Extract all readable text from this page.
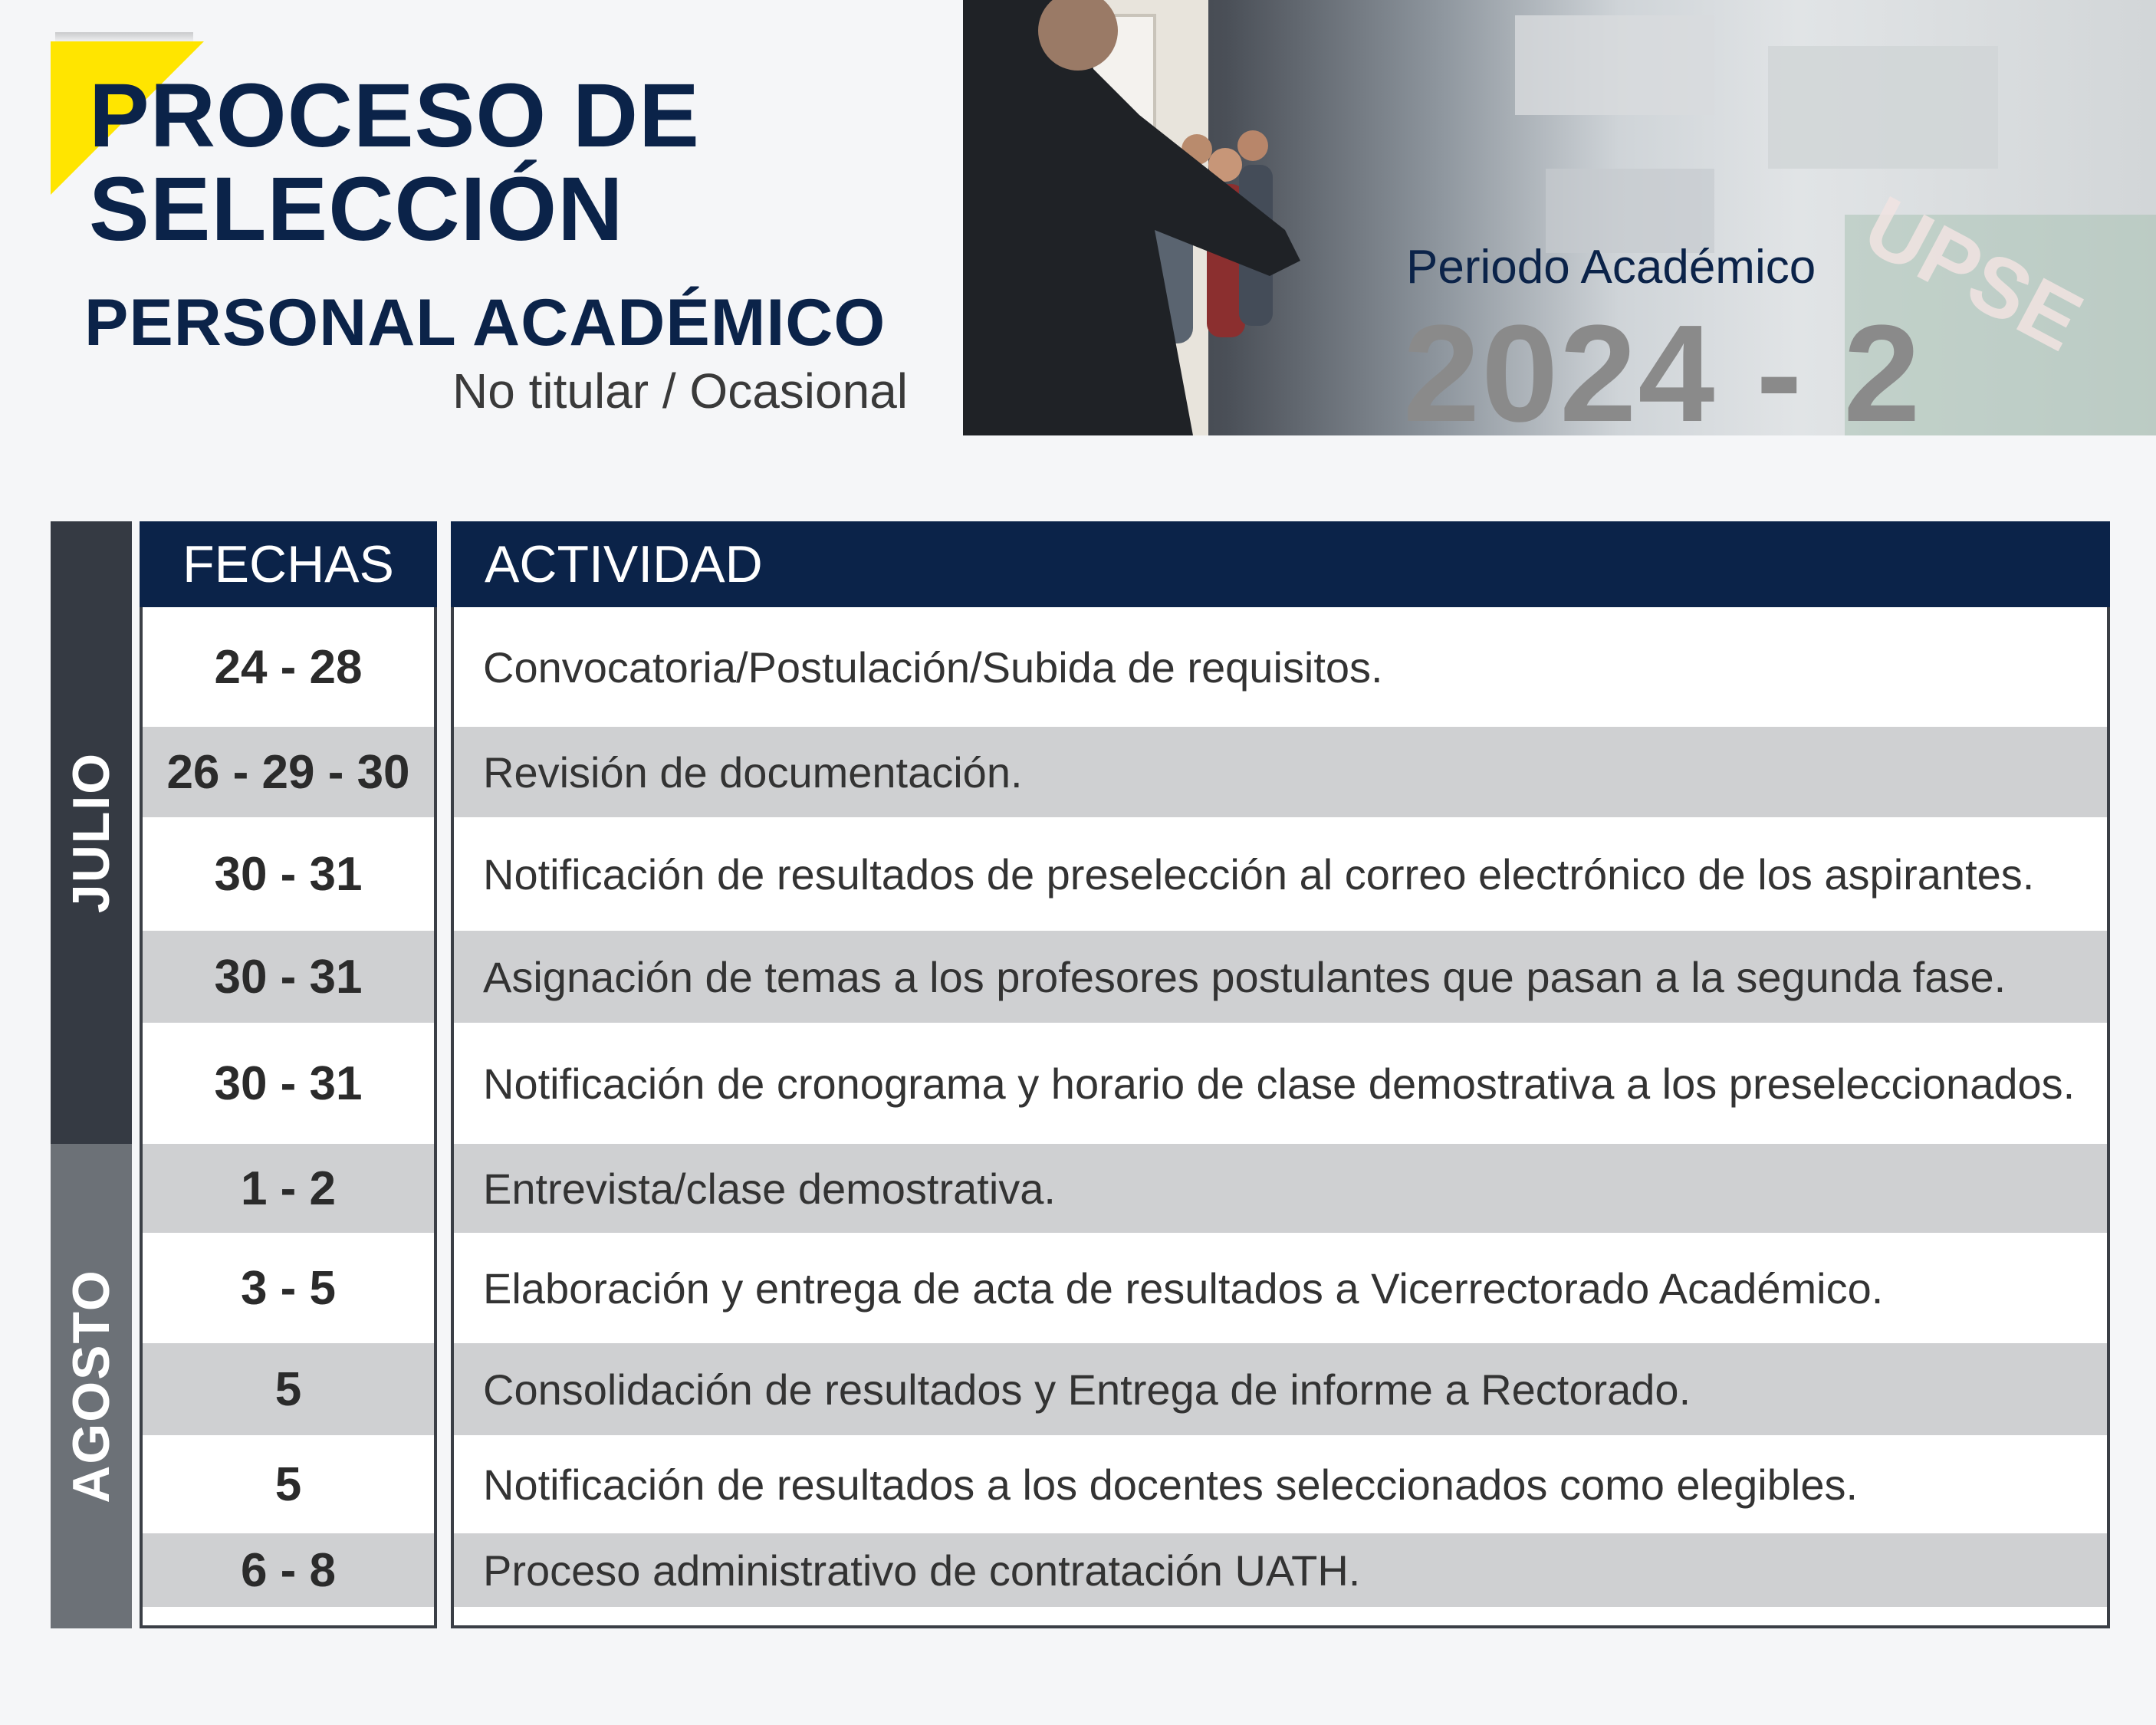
PROCESO DE
SELECCIÓN
PERSONAL ACADÉMICO
No titular / Ocasional
UPSE
Periodo Académico
2024 - 2
JULIO
AGOSTO
FECHAS	ACTIVIDAD
24 - 28	Convocatoria/Postulación/Subida de requisitos.
26 - 29 - 30	Revisión de documentación.
30 - 31	Notificación de resultados de preselección al correo electrónico de los aspirantes.
30 - 31	Asignación de temas a los profesores postulantes que pasan a la segunda fase.
30 - 31	Notificación de cronograma y horario de clase demostrativa a los preseleccionados.
1 - 2	Entrevista/clase demostrativa.
3 - 5	Elaboración y entrega de acta de resultados a Vicerrectorado Académico.
5	Consolidación de resultados y Entrega de informe a Rectorado.
5	Notificación de resultados a los docentes seleccionados como elegibles.
6 - 8	Proceso administrativo de contratación UATH.
